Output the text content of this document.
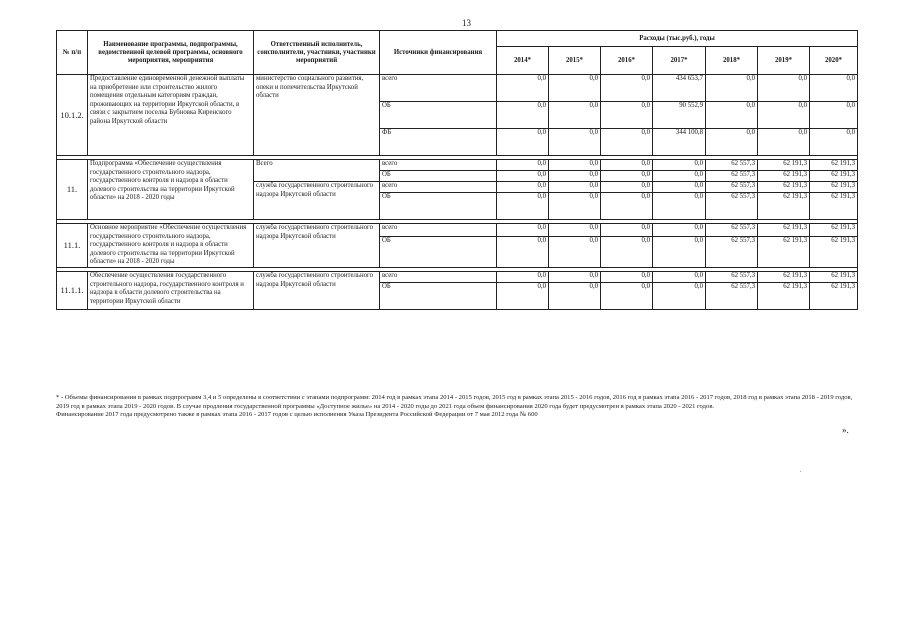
13
№ п/п	Наименование программы, подпрограммы, ведомственной целевой программы, основного мероприятия, мероприятия	Ответственный исполнитель, соисполнители, участники, участники мероприятий	Источники финансирования	Расходы (тыс.руб.), годы						
				2014*	2015*	2016*	2017*	2018*	2019*	2020*
10.1.2.	Предоставление единовременной денежной выплаты на приобретение или строительство жилого помещения отдельным категориям граждан, проживающих на территории Иркутской области, в связи с закрытием поселка Бубновка Киренского района Иркутской области	министерство социального развития, опеки и попечительства Иркутской области	всего	0,0	0,0	0,0	434 653,7	0,0	0,0	0,0
			ОБ	0,0	0,0	0,0	90 552,9	0,0	0,0	0,0
			ФБ	0,0	0,0	0,0	344 100,8	0,0	0,0	0,0

11.	Подпрограмма «Обеспечение осуществления государственного строительного надзора, государственного контроля и надзора в области долевого строительства на территории Иркутской области» на 2018 - 2020 годы	Всего	всего	0,0	0,0	0,0	0,0	62 557,3	62 191,3	62 191,3
			ОБ	0,0	0,0	0,0	0,0	62 557,3	62 191,3	62 191,3
		служба государственного строительного надзора Иркутской области	всего	0,0	0,0	0,0	0,0	62 557,3	62 191,3	62 191,3
			ОБ	0,0	0,0	0,0	0,0	62 557,3	62 191,3	62 191,3

11.1.	Основное мероприятие «Обеспечение осуществления государственного строительного надзора, государственного контроля и надзора в области долевого строительства на территории Иркутской области» на 2018 - 2020 годы	служба государственного строительного надзора Иркутской области	всего	0,0	0,0	0,0	0,0	62 557,3	62 191,3	62 191,3
			ОБ	0,0	0,0	0,0	0,0	62 557,3	62 191,3	62 191,3

11.1.1.	Обеспечение осуществления государственного строительного надзора, государственного контроля и надзора в области долевого строительства на территории Иркутской области	служба государственного строительного надзора Иркутской области	всего	0,0	0,0	0,0	0,0	62 557,3	62 191,3	62 191,3
			ОБ	0,0	0,0	0,0	0,0	62 557,3	62 191,3	62 191,3

* - Объемы финансирования в рамках подпрограмм 3,4 и 5 определены в соответствии с этапами подпрограмм: 2014 год в рамках этапа 2014 - 2015 годов, 2015 год в рамках этапа 2015 - 2016 годов, 2016 год в рамках этапа 2016 - 2017 годов, 2018 год в рамках этапа 2018 - 2019 годов, 2019 год в рамках этапа 2019 - 2020 годов. В случае продления государственной программы «Доступное жилье» на 2014 - 2020 годы до 2021 года объем финансирования 2020 года будет предусмотрен в рамках этапа 2020 - 2021 годов.

Финансирование 2017 года предусмотрено также в рамках этапа 2016 - 2017 годов с целью исполнения Указа Президента Российской Федерации от 7 мая 2012 года № 600

».
.
